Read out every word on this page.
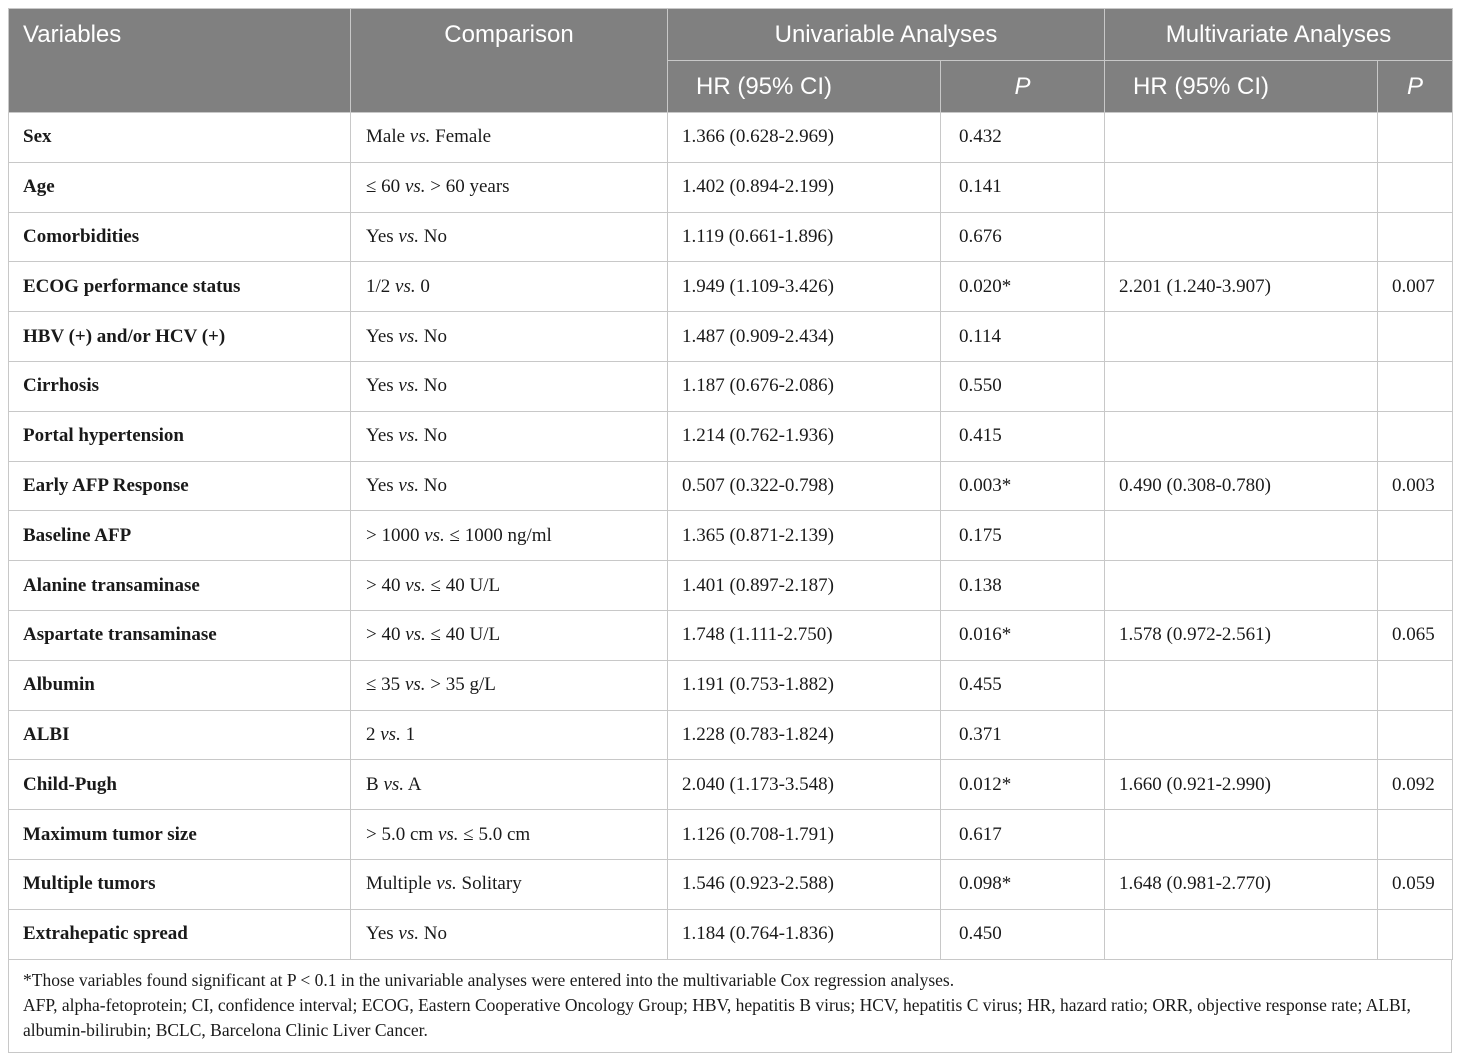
Variables	Comparison	Univariable Analyses		Multivariate Analyses	
		HR (95% CI)	P	HR (95% CI)	P
Sex	Male vs. Female	1.366 (0.628-2.969)	0.432		
Age	≤ 60 vs. > 60 years	1.402 (0.894-2.199)	0.141		
Comorbidities	Yes vs. No	1.119 (0.661-1.896)	0.676		
ECOG performance status	1/2 vs. 0	1.949 (1.109-3.426)	0.020*	2.201 (1.240-3.907)	0.007
HBV (+) and/or HCV (+)	Yes vs. No	1.487 (0.909-2.434)	0.114		
Cirrhosis	Yes vs. No	1.187 (0.676-2.086)	0.550		
Portal hypertension	Yes vs. No	1.214 (0.762-1.936)	0.415		
Early AFP Response	Yes vs. No	0.507 (0.322-0.798)	0.003*	0.490 (0.308-0.780)	0.003
Baseline AFP	> 1000 vs. ≤ 1000 ng/ml	1.365 (0.871-2.139)	0.175		
Alanine transaminase	> 40 vs. ≤ 40 U/L	1.401 (0.897-2.187)	0.138		
Aspartate transaminase	> 40 vs. ≤ 40 U/L	1.748 (1.111-2.750)	0.016*	1.578 (0.972-2.561)	0.065
Albumin	≤ 35 vs. > 35 g/L	1.191 (0.753-1.882)	0.455		
ALBI	2 vs. 1	1.228 (0.783-1.824)	0.371		
Child-Pugh	B vs. A	2.040 (1.173-3.548)	0.012*	1.660 (0.921-2.990)	0.092
Maximum tumor size	> 5.0 cm vs. ≤ 5.0 cm	1.126 (0.708-1.791)	0.617		
Multiple tumors	Multiple vs. Solitary	1.546 (0.923-2.588)	0.098*	1.648 (0.981-2.770)	0.059
Extrahepatic spread	Yes vs. No	1.184 (0.764-1.836)	0.450		

*Those variables found significant at P < 0.1 in the univariable analyses were entered into the multivariable Cox regression analyses.

AFP, alpha-fetoprotein; CI, confidence interval; ECOG, Eastern Cooperative Oncology Group; HBV, hepatitis B virus; HCV, hepatitis C virus; HR, hazard ratio; ORR, objective response rate; ALBI, albumin-bilirubin; BCLC, Barcelona Clinic Liver Cancer.
